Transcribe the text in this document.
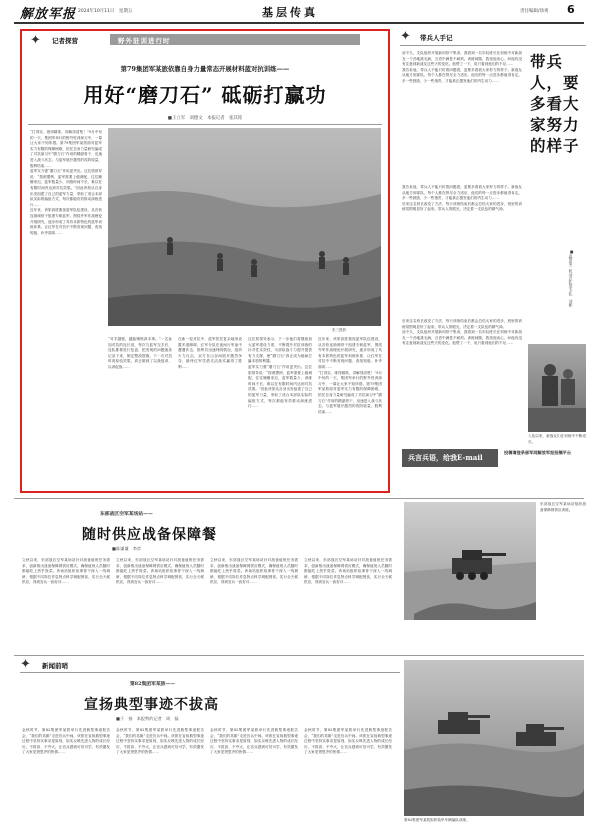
解放军报 2024年10月11日　星期五	基层传真	责任编辑/徐爽 6
✦ 记者探营	野外驻训进行时
第79集团军某旅依靠自身力量常态开展材料蓝对抗训练——
用好“磨刀石” 砥砺打赢功
■王立军　刘德文　本报记者　张其铭

“打得实，练得精准，讲解得清楚！”9月中旬的一天，集团军举行的野外驻训演习中，一幕让大家不知所措。第79集团军某旅面对蓝军实力有限的保障困难，依托自身力量研究编成了对抗演习中“磨刀石”作用的精湛骨干，迅速进入战斗状态，与蓝军展开激烈的攻防较量，胜利结束……

蓝军实力强“磨刀石”作用更突出。这位旅领导说：“按照惯例，蓝军需要上级调配，往往姗姗来迟，蓝军数量少，训练时间不长，难以在有限时间内达到对抗效果。”因此该旅从自身出发组建了自己的蓝军力量，采取了适合本部队实际的编组方式，每次都能有效推动演练进行……

近年来，该旅高度重视蓝军队伍建设，从各营连抽调骨干组建专职蓝军，围绕外军作战理论开展研究，逐步形成了具有本旅特色的蓝军训练体系，让红军在对抗中不断发现问题、查找短板、补齐弱项……

张三摄影

“对手越强，越能锤炼真本事。”一名参加对抗的连长说，每次与蓝军交手后，连队都要进行复盘，把发现的问题逐条记录下来，制定整改措施，下一次对抗时再检验效果，真正做到了以战促训、以训促战……

在新一轮对抗中，蓝军依托复杂地形设置多道障碍，红军分队在夜间行军途中遭遇伏击，指挥员迅速判明情况，组织火力反击，双方在山谷间展开激烈争夺，最终红军凭借灵活战术赢得了胜利……

这位旅领导表示，下一步他们将继续加大蓝军建设力度，不断提升对抗训练的针对性实效性，为部队战斗力提升提供有力支撑，使“磨刀石”真正成为砥砺打赢本领的利器。

蓝军实力强“磨刀石”作用更突出。这位旅领导说：“按照惯例，蓝军需要上级调配，往往姗姗来迟，蓝军数量少，训练时间不长，难以在有限时间内达到对抗效果。”因此该旅从自身出发组建了自己的蓝军力量，采取了适合本部队实际的编组方式，每次都能有效推动演练进行……

近年来，该旅高度重视蓝军队伍建设，从各营连抽调骨干组建专职蓝军，围绕外军作战理论开展研究，逐步形成了具有本旅特色的蓝军训练体系，让红军在对抗中不断发现问题、查找短板、补齐弱项……

“打得实，练得精准，讲解得清楚！”9月中旬的一天，集团军举行的野外驻训演习中，一幕让大家不知所措。第79集团军某旅面对蓝军实力有限的保障困难，依托自身力量研究编成了对抗演习中“磨刀石”作用的精湛骨干，迅速进入战斗状态，与蓝军展开激烈的攻防较量，胜利结束……

✦ 带兵人手记

前不久，支队组织开展新训骨干集训，我看到一名年轻班长在训练中对新战友一个劲地挑毛病，言语中满是不耐烦。训练间隙，我找他谈心，问他有没有注意到新战友这些天的变化。他愣了一下，说只看到他们的不足……

我告诉他，带兵人不能只盯着问题看，更要多看看大家努力的样子。新战友从地方到部队，每个人都在拼尽全力适应，他们的每一点进步都值得肯定。多一些鼓励，少一些指责，才能真正激发他们的内生动力……

我告诉他，带兵人不能只盯着问题看，更要多看看大家努力的样子。新战友从地方到部队，每个人都在拼尽全力适应，他们的每一点进步都值得肯定。多一些鼓励，少一些指责，才能真正激发他们的内生动力……

后来这名班长改变了方法，每天训练结束后都会总结大家的进步，班里的训练氛围明显好了起来。带兵人的眼光，决定着一支队伍的精气神。

后来这名班长改变了方法，每天训练结束后都会总结大家的进步，班里的训练氛围明显好了起来。带兵人的眼光，决定着一支队伍的精气神。

前不久，支队组织开展新训骨干集训，我看到一名年轻班长在训练中对新战友一个劲地挑毛病，言语中满是不耐烦。训练间隙，我找他谈心，问他有没有注意到新战友这些天的变化。他愣了一下，说只看到他们的不足……

带兵人，要多看大家努力的样子
■武警第一机动总队某支队　刘彬
入伍以来，新战友们在训练中不断成长。
兵言兵语，给我E-mail
投稿请登录部军网解放军报投稿平台
东部战区空军某场站——
随时供应战备保障餐
■陈谦谦　李彦

立秋以来，东部战区空军某场站针对战备值班任务需求，创新推出战备保障餐供应模式，确保值班人员随时都能吃上热乎饭菜。该场站组织炊事骨干深入一线调研，根据不同岗位作息特点科学调配餐食，实行全天候供应，得到官兵一致好评……

立秋以来，东部战区空军某场站针对战备值班任务需求，创新推出战备保障餐供应模式，确保值班人员随时都能吃上热乎饭菜。该场站组织炊事骨干深入一线调研，根据不同岗位作息特点科学调配餐食，实行全天候供应，得到官兵一致好评……

立秋以来，东部战区空军某场站针对战备值班任务需求，创新推出战备保障餐供应模式，确保值班人员随时都能吃上热乎饭菜。该场站组织炊事骨干深入一线调研，根据不同岗位作息特点科学调配餐食，实行全天候供应，得到官兵一致好评……

立秋以来，东部战区空军某场站针对战备值班任务需求，创新推出战备保障餐供应模式，确保值班人员随时都能吃上热乎饭菜。该场站组织炊事骨干深入一线调研，根据不同岗位作息特点科学调配餐食，实行全天候供应，得到官兵一致好评……

东部战区空军某场站组织战备保障餐供应训练。
✦ 新闻前哨
第82集团军某旅——
宣扬典型事迹不拔高
■于　扬　本报特约记者　周　磊

金秋时节，第82集团军某旅举行先进典型事迹报告会，“我们的英雄”走进官兵中间。该旅在宣扬典型事迹过程中坚持实事求是原则，如实反映先进人物的成长经历，不拔高、不夸大，让官兵感到可信可学，有效激发了大家见贤思齐的热情……

金秋时节，第82集团军某旅举行先进典型事迹报告会，“我们的英雄”走进官兵中间。该旅在宣扬典型事迹过程中坚持实事求是原则，如实反映先进人物的成长经历，不拔高、不夸大，让官兵感到可信可学，有效激发了大家见贤思齐的热情……

金秋时节，第82集团军某旅举行先进典型事迹报告会，“我们的英雄”走进官兵中间。该旅在宣扬典型事迹过程中坚持实事求是原则，如实反映先进人物的成长经历，不拔高、不夸大，让官兵感到可信可学，有效激发了大家见贤思齐的热情……

金秋时节，第82集团军某旅举行先进典型事迹报告会，“我们的英雄”走进官兵中间。该旅在宣扬典型事迹过程中坚持实事求是原则，如实反映先进人物的成长经历，不拔高、不夸大，让官兵感到可信可学，有效激发了大家见贤思齐的热情……

第82集团军某旅组织装甲车辆编队训练。
